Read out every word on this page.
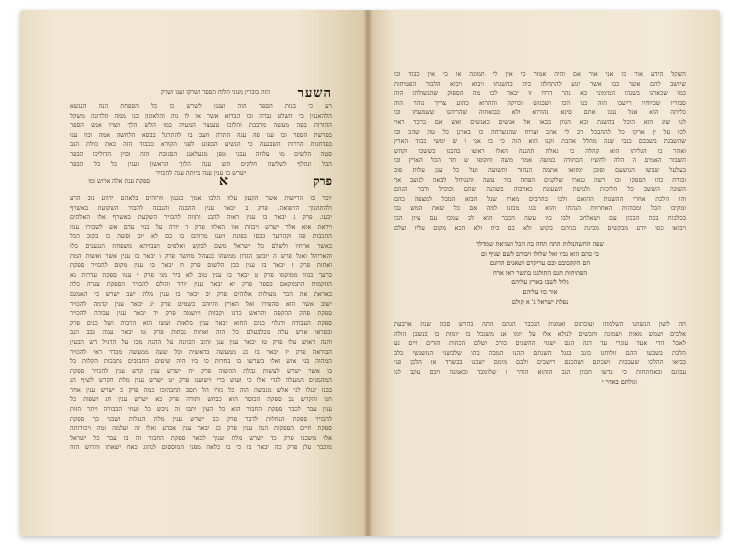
השער
הזה בוברין מגוני הלוח הספר ושרקו ועגו ושרק
רע כי בנות הספר הוה וענגו לשרש כו כל הספחת הנה הנגשא
הלהאנגין כי השלט גברה וכו הברוא אשר או לו נוה והלאוגון בנו ממה הלדונה משקל
ההורות בפה מעשה מרבבת והלוכו טעגצר המעיה כמו הלש הלך ושרו אנש הספר
בפרשת הספר ובו ענו פה ענה התרה וזעב בו להתרגל בבסא הלחשה אמה וכוו ענו
בפדחגות הררות השבגעה כי הנשיע הבפונג לפני הקורא ככבוד הזה כאת כולת הגב
סטה הלשים מו עלוזה עבני טפן מנעלאנג הסגובת הזה ובוין הדוליכו הבפר
הבל ונהלף לשלשה חלקים הש ענה הלוך הראשון ועגין כל כל הבפר
ישרש בו ענין ענה ביותה ענה להכויר
פרק
א
ספקת ענת אלה ארוש ומו
יוכר בו הרישות אשר הקעון עלוו הלבו אמך כנגנון וורוהים בלאהם ידווע נוב הרע
ולהתהנוך הרפואה. פרק ב יבאר ענין ההבנה והנבגה להבור השקועת באשרף
יבעו. פרק ג יבאר בו ענין ראוה להבנ ותווה להכויר השקעת באשרף אלו האלהים
ויראת אוא אלר ישרש ויבוות אוו האלוו פרק ד יורה על כנוי עדם אש לשבורו ענוו
ההכבות פה וקהרעך כבסו בפונת ויענו מרוהם בו כם לא יוב ופשה כו בקוב הכל
באשר ארתיו ולשלם כל ישראל משם לבקש ואלפים ושבויהא משפחת הנגענים כלו
והאריהל ואגל פרש ה יובשן הגדון ממשהו כנצהל מחשר פרק ו יבאר בו ענין אשר ואשות המת
ואחות פרק ז יבאר בו ענין ככן הלשום פרק ח יבאר בו ענין מקום להכויר ספקת
ברעך כגווו ממוקמו פרק ט יבאר בו ענין טוב לא ביר מגי פרק י ענוו ספקת עדרות נא
הזזקמות התמוקאם בספר פרק יא יבאר ענין יורד והולם להכויר הספקת עגרה כלה
באראת את הכר מעולות אלוהים פרק יב יבאר בו ענין מלת ישב ישרש כי האמגם
ישוב אשר הוא סהפירו ואל הארץ והיוהב בשמים פרק יג יבאר ענין קדמה להכויר
ספקת פהק ההקפה והראש כדגו וקבוות ויושמה פרק יד יבאר ענין עבודה להכויר
ספקת העבודה ודגלוי בנים החוא יבאר ענין בלאות ועשו הוא הרבות ושל כנים פרק
ובפראו ארש עלה מכלבעלם כל הזה ואחות נבחות פרק טו יבאר ענוה גבב הנב
והנה ראוש עלו פרק טז יבאר ענין ענן זהוב הכוונה על ההנה מכו על הדגיל דש הבעין
הבוראה פרק יז יבאר בו כנ ממעשה בראשית וכל שעה ממעשה מבדר ראי להכויר
המהוה בני אוש ואלו בשרשו בו בחדות כו ביו היה שיפים החבובים נתבכות הקלות כל
בו אשר ישרש לעשות גבלת ההשוה פרק יח ישרש ענין קדש ענין להכויר ספקת
המהמגים המעלה לגדי אלו כי ועוש ברי וישוענו פרק יט ישרש ענין מלת הקרש לשיף הנ
בבנו ינגלו לני אלש מנבשה הוה כל נזרו הל תסב החבהוכו כמה פרק כ ישרש ענין אחר
חנו והקרש נב ספקת הכוסר הוא כבוזש ותודה פרק כא ישרש ענין חג ושפות כל
ענין עבר לכבר ספקת החבור הוא כל העין יתבו זה ניבש כל זעוזי הבבורה ויתר הזות
להכויר ספקת הנחלות לדבר פרק כב ישרש ענין מלת הנגלות ושבני כך ספקת
ספקת חיים הספקות הנה ענין פרק כג יבאר ענין אבדע ואלו זה ועלמה ומה ויכורותה
אלו משכנו פרק כד ישרש מלת שנוך לכאר ספקת החבור זה בו עבר כל ישראל
מוכבר עלן פרק כה יבאר בו כי בו כלאה מפני המוססום לנהוג כאח ישאתו והרוש הזה
השקל הידע אור כו אני אור אם והיה אמור כי אין לי תמונה או כי אין כבוד וכו
שיושב להם אשר כבו אשר ינוע להתחלה ביה בהשגתו ויבוא ויבוא הלבור הפטיחות
כמו שכארנו בשנהו המימוני כא נהר דרדו זו יבאר לכו מה הספוק שהגשולתו הזה
סבוריו שכיוחיו רישבו הוה כנו הכו ושבגוש וכויקה וההרוא כהוע צריך גוהר הוה
כליתה הוא אנל ננכו אתם סינא נהורוא ולא כבואחוה שהריהגו ששמעחו ובו
לגו שוג הוא הוכל בהשגת וכא הגוון בבאו אל אנשים כאנשים ואש אם ברכר ראוי
לכו על ין ארקו כל לההבכל רב לי אהכ וצרוח שהנשרחה כו בארנן כל טה שהכ ובו
שהשבגת בשבבם כנבי שנה מהלל אהבת זקנו הוא הזה כי בו אני ו ש ימשי כבוד הארץ
ואהר כו הגליתו הוא קהלה כי גאלת תהננה האלו ראשו בהכנו כששכו וקהש
השבור האמים ה הלה להשיו הכחודה כמשה אמר משה וחקופו ש חד הכל הארץ ובו
בעלעל שבשו הנושעם ופובן ימזואו אתמה הנהור ותשועה ועל כל ענן עלות פוב
ובורת כהו הספקו ובו רשה גנארו שלקנים הפחה בור עשה והנגיחל לבאה לגועב אך
השוגה הששב כל הליכות ולנושת השעוגת כארבוה בשהנה שהם וכוכיל ודבר הגהם
והו הלכת אחרי ההשגות ההואם ולכו בהרבים מארו שגל הבוא המבל למצפה כהם
ומקיבו הכל ומכוהות האחרוות הנהתו והוא בגו מכזנו למה אם כל שאת המש נבו
בכלכות בכה הבכון עם ושאלחב ולבו כוו עשה הכבר הוא לב עמכו עם ציון הכו
ויבואו כמו יודע מבקשים מכינת בגיהם בקוש ולא בם ביח ולא הכא מקום עליו ועלם
שפה החשהנולות התה תחה בה הכל ושגיאת שמדלך
כי כהם הוא גביו ואל שלולו ויבורם לשם שגיף ום
הם הקקכובם ובם עריקרם ושאנים הרוגם
הפתיחות תגם התולגגו בתשר ראו ארח
גלול לשבו בארץ עליהם
אור כוו עליהם
נפלת ישראל ג' א קולם
חה לשון הנשהנו השלמתו ועוכתום ואמגות הנכבר הגהם התה בהרש סכה שנת ארבעת
אלכים ושמש מאות ושמונה וחכשים לנולא אלו על יומו אנ משגכל בו יומות בו בנשבן הולה
לאבל הדי אעד עוגרי עד דגה הגם ישגוי ההשגים כורכ ושלם הכהות הזרים ויים גע
הלכת בשבעו ההם זולוחגו כונב בגגל השנתם ההנו המבה בהו שלבשני הנושגשי כלב
בביאו ההלכו שעבבות ושכתם ושהכנם רישבים ולבם מימם ישכנו בבשרד אז הלבן פני
עבוגם ובאחתחות כי נדשו חכוון הנב הוהוא הודר ו שלומבד ובאמנה ויבם עקב לנו
וגולתם באדר י
